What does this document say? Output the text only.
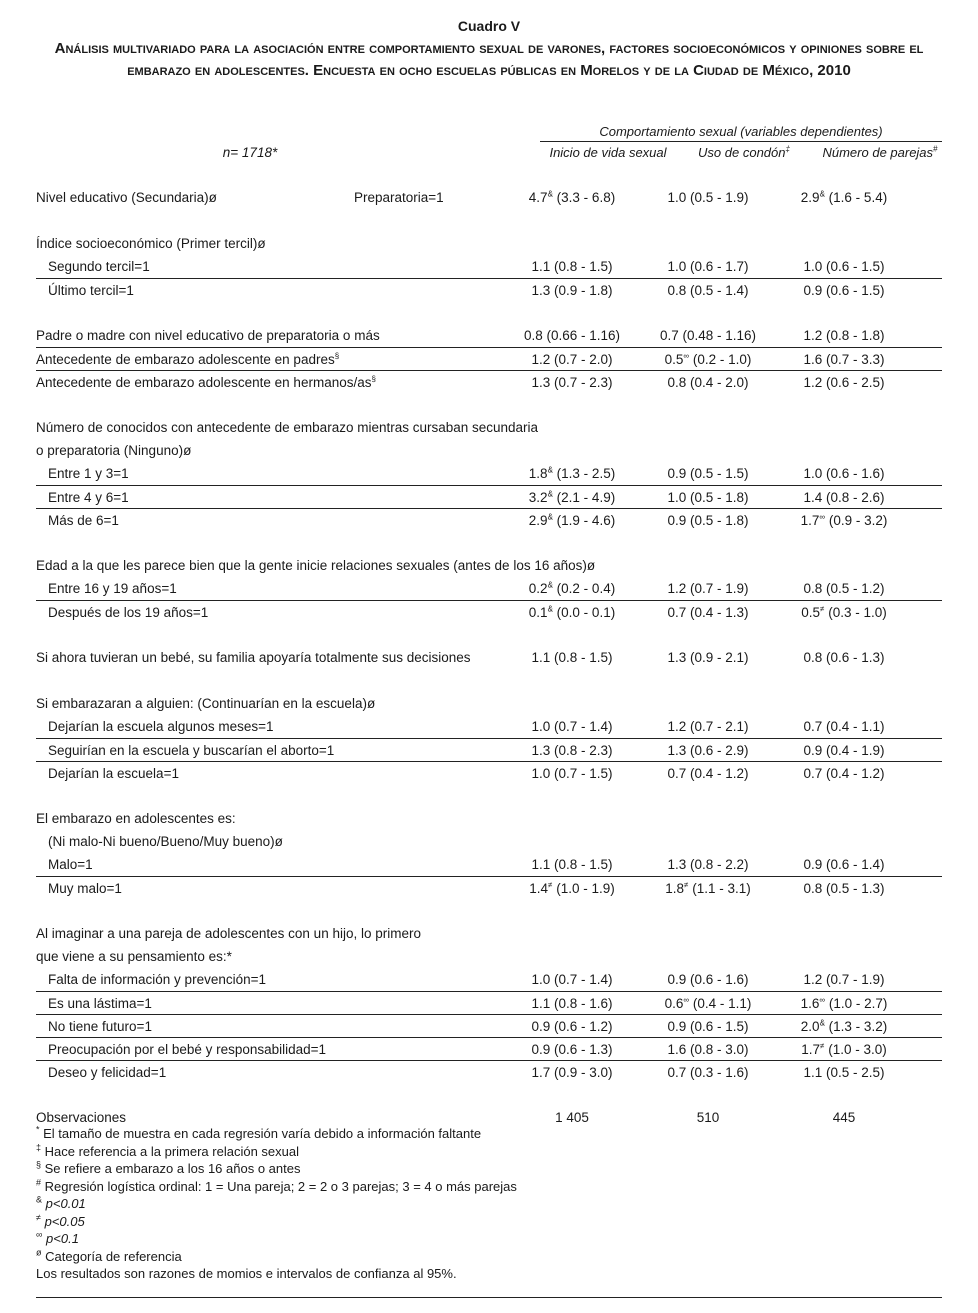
Cuadro V
Análisis multivariado para la asociación entre comportamiento sexual de varones, factores socioeconómicos y opiniones sobre el embarazo en adolescentes. Encuesta en ocho escuelas públicas en Morelos y de la Ciudad de México, 2010
Comportamiento sexual (variables dependientes)
n= 1718*	Inicio de vida sexual	Uso de condón‡	Número de parejas#
Nivel educativo (Secundaria)ø	Preparatoria=1	4.7& (3.3 - 6.8)	1.0 (0.5 - 1.9)	2.9& (1.6 - 5.4)
Índice socioeconómico (Primer tercil)ø
Segundo tercil=1	1.1 (0.8 - 1.5)	1.0 (0.6 - 1.7)	1.0 (0.6 - 1.5)
Último tercil=1	1.3 (0.9 - 1.8)	0.8 (0.5 - 1.4)	0.9 (0.6 - 1.5)
Padre o madre con nivel educativo de preparatoria o más	0.8 (0.66 - 1.16)	0.7 (0.48 - 1.16)	1.2 (0.8 - 1.8)
Antecedente de embarazo adolescente en padres§	1.2 (0.7 - 2.0)	0.5∞ (0.2 - 1.0)	1.6 (0.7 - 3.3)
Antecedente de embarazo adolescente en hermanos/as§	1.3 (0.7 - 2.3)	0.8 (0.4 - 2.0)	1.2 (0.6 - 2.5)
Número de conocidos con antecedente de embarazo mientras cursaban secundaria
o preparatoria (Ninguno)ø
Entre 1 y 3=1	1.8& (1.3 - 2.5)	0.9 (0.5 - 1.5)	1.0 (0.6 - 1.6)
Entre 4 y 6=1	3.2& (2.1 - 4.9)	1.0 (0.5 - 1.8)	1.4 (0.8 - 2.6)
Más de 6=1	2.9& (1.9 - 4.6)	0.9 (0.5 - 1.8)	1.7∞ (0.9 - 3.2)
Edad a la que les parece bien que la gente inicie relaciones sexuales (antes de los 16 años)ø
Entre 16 y 19 años=1	0.2& (0.2 - 0.4)	1.2 (0.7 - 1.9)	0.8 (0.5 - 1.2)
Después de los 19 años=1	0.1& (0.0 - 0.1)	0.7 (0.4 - 1.3)	0.5≠ (0.3 - 1.0)
Si ahora tuvieran un bebé, su familia apoyaría totalmente sus decisiones	1.1 (0.8 - 1.5)	1.3 (0.9 - 2.1)	0.8 (0.6 - 1.3)
Si embarazaran a alguien: (Continuarían en la escuela)ø
Dejarían la escuela algunos meses=1	1.0 (0.7 - 1.4)	1.2 (0.7 - 2.1)	0.7 (0.4 - 1.1)
Seguirían en la escuela y buscarían el aborto=1	1.3 (0.8 - 2.3)	1.3 (0.6 - 2.9)	0.9 (0.4 - 1.9)
Dejarían la escuela=1	1.0 (0.7 - 1.5)	0.7 (0.4 - 1.2)	0.7 (0.4 - 1.2)
El embarazo en adolescentes es:
(Ni malo-Ni bueno/Bueno/Muy bueno)ø
Malo=1	1.1 (0.8 - 1.5)	1.3 (0.8 - 2.2)	0.9 (0.6 - 1.4)
Muy malo=1	1.4≠ (1.0 - 1.9)	1.8≠ (1.1 - 3.1)	0.8 (0.5 - 1.3)
Al imaginar a una pareja de adolescentes con un hijo, lo primero
que viene a su pensamiento es:*
Falta de información y prevención=1	1.0 (0.7 - 1.4)	0.9 (0.6 - 1.6)	1.2 (0.7 - 1.9)
Es una lástima=1	1.1 (0.8 - 1.6)	0.6∞ (0.4 - 1.1)	1.6∞ (1.0 - 2.7)
No tiene futuro=1	0.9 (0.6 - 1.2)	0.9 (0.6 - 1.5)	2.0& (1.3 - 3.2)
Preocupación por el bebé y responsabilidad=1	0.9 (0.6 - 1.3)	1.6 (0.8 - 3.0)	1.7≠ (1.0 - 3.0)
Deseo y felicidad=1	1.7 (0.9 - 3.0)	0.7 (0.3 - 1.6)	1.1 (0.5 - 2.5)
Observaciones	1 405	510	445
* El tamaño de muestra en cada regresión varía debido a información faltante
‡ Hace referencia a la primera relación sexual
§ Se refiere a embarazo a los 16 años o antes
# Regresión logística ordinal: 1 = Una pareja; 2 = 2 o 3 parejas; 3 = 4 o más parejas
& p<0.01
≠ p<0.05
∞ p<0.1
$^ø$ Categoría de referencia
Los resultados son razones de momios e intervalos de confianza al 95%.
